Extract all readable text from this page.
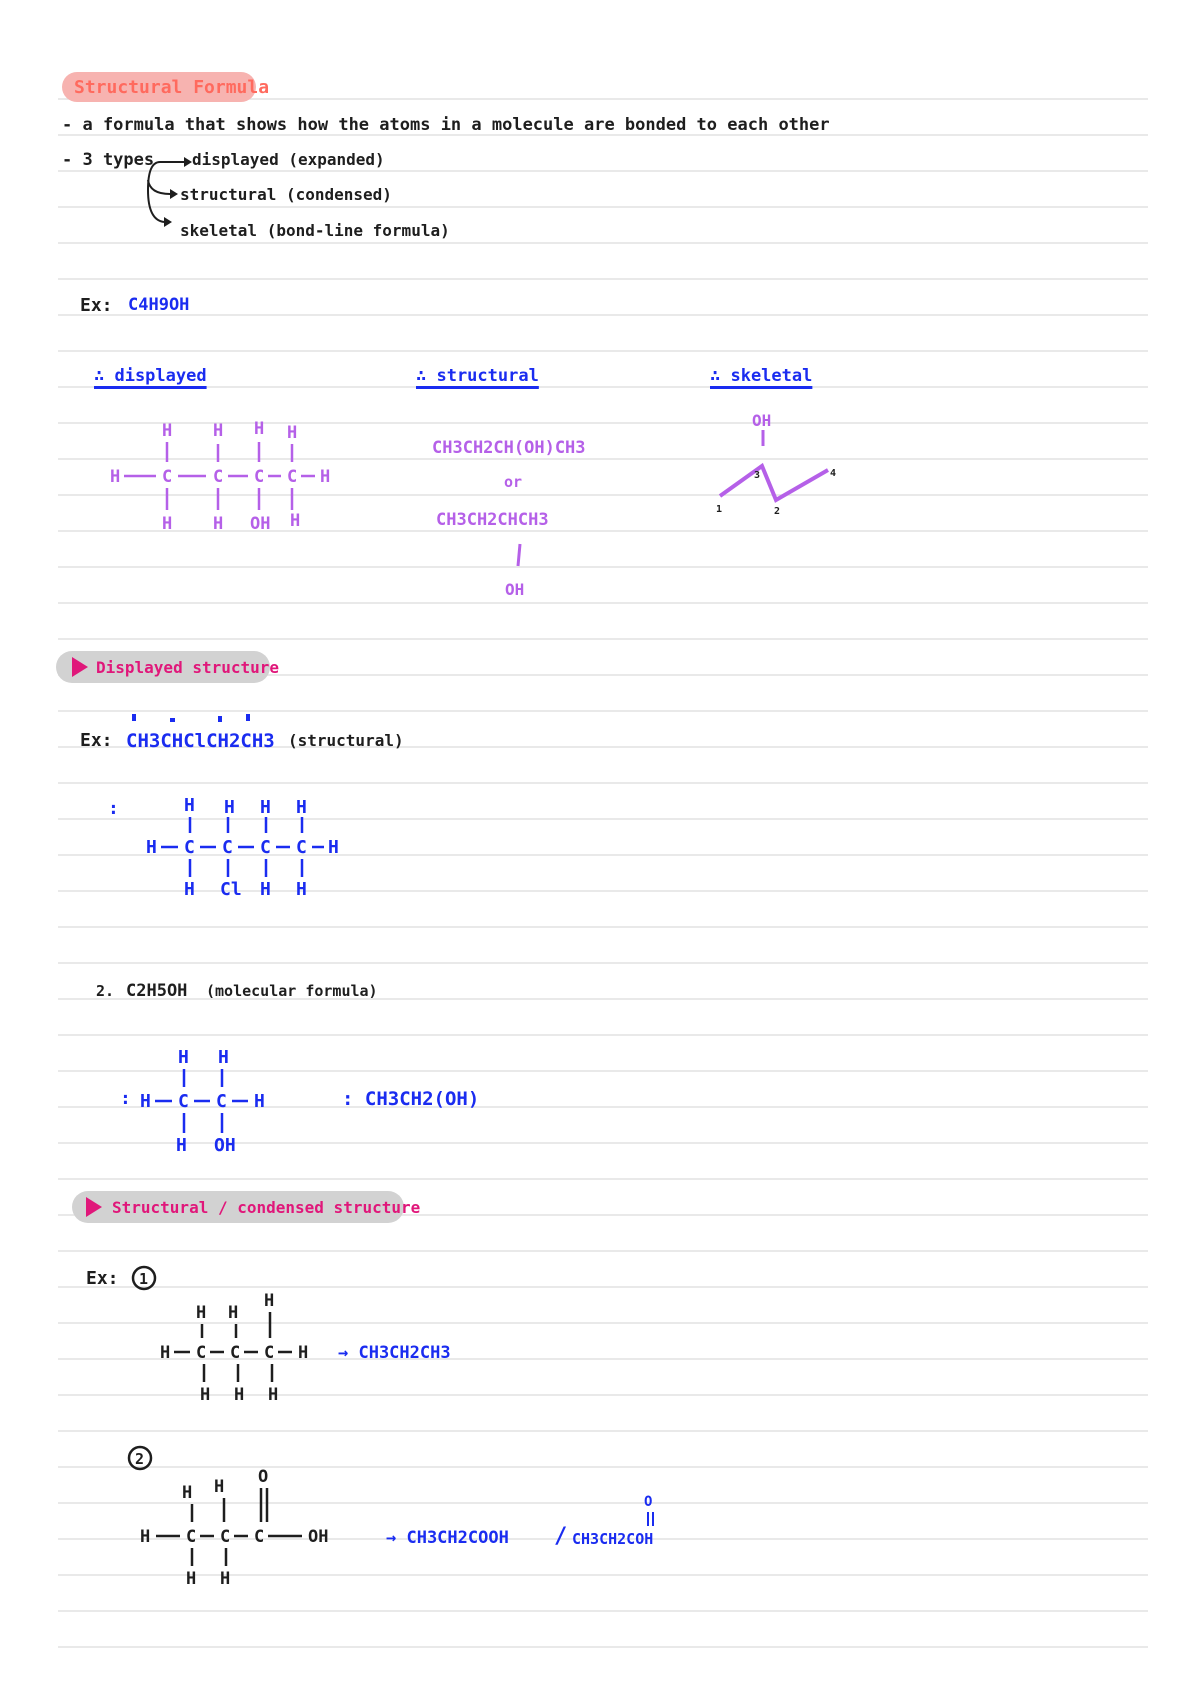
Structural Formula
- a formula that shows how the atoms in a molecule are bonded to each other
- 3 types displayed (expanded)
structural (condensed)
skeletal (bond-line formula)
Ex: C4H9OH
∴ displayed	∴ structural	∴ skeletal
H H H H
H C C C C H
H H OH H
CH3CH2CH(OH)CH3
or
CH3CH2CHCH3
OH
OH
1	2
3	4
Displayed structure
Ex: CH3CHClCH2CH3 (structural)
:	H H H H
H C C C C H
H Cl H H
2. C2H5OH (molecular formula)
:
H H
H C C H
H OH
: CH3CH2(OH)
Structural / condensed structure
Ex: 1
H H
H
H C C C H
H H H
→ CH3CH2CH3
2
H H O
H C C C	OH
H H
→ CH3CH2COOH /
O
CH3CH2COH
